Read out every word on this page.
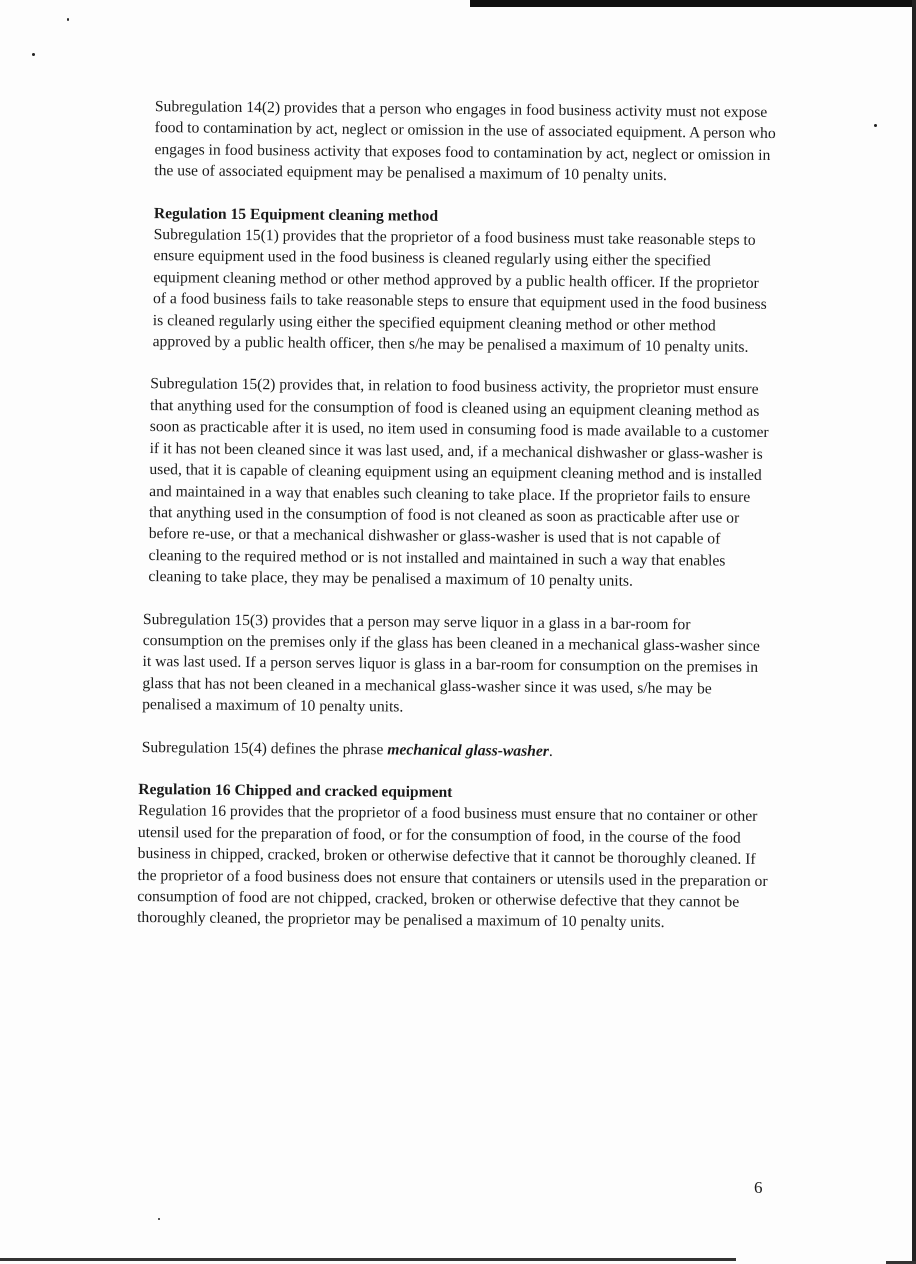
Subregulation 14(2) provides that a person who engages in food business activity must not expose food to contamination by act, neglect or omission in the use of associated equipment. A person who engages in food business activity that exposes food to contamination by act, neglect or omission in the use of associated equipment may be penalised a maximum of 10 penalty units.

Regulation 15 Equipment cleaning method

Subregulation 15(1) provides that the proprietor of a food business must take reasonable steps to ensure equipment used in the food business is cleaned regularly using either the specified equipment cleaning method or other method approved by a public health officer. If the proprietor of a food business fails to take reasonable steps to ensure that equipment used in the food business is cleaned regularly using either the specified equipment cleaning method or other method approved by a public health officer, then s/he may be penalised a maximum of 10 penalty units.

Subregulation 15(2) provides that, in relation to food business activity, the proprietor must ensure that anything used for the consumption of food is cleaned using an equipment cleaning method as soon as practicable after it is used, no item used in consuming food is made available to a customer if it has not been cleaned since it was last used, and, if a mechanical dishwasher or glass-washer is used, that it is capable of cleaning equipment using an equipment cleaning method and is installed and maintained in a way that enables such cleaning to take place. If the proprietor fails to ensure that anything used in the consumption of food is not cleaned as soon as practicable after use or before re-use, or that a mechanical dishwasher or glass-washer is used that is not capable of cleaning to the required method or is not installed and maintained in such a way that enables cleaning to take place, they may be penalised a maximum of 10 penalty units.

Subregulation 15(3) provides that a person may serve liquor in a glass in a bar-room for consumption on the premises only if the glass has been cleaned in a mechanical glass-washer since it was last used. If a person serves liquor is glass in a bar-room for consumption on the premises in glass that has not been cleaned in a mechanical glass-washer since it was used, s/he may be penalised a maximum of 10 penalty units.

Subregulation 15(4) defines the phrase mechanical glass-washer.

Regulation 16 Chipped and cracked equipment

Regulation 16 provides that the proprietor of a food business must ensure that no container or other utensil used for the preparation of food, or for the consumption of food, in the course of the food business in chipped, cracked, broken or otherwise defective that it cannot be thoroughly cleaned. If the proprietor of a food business does not ensure that containers or utensils used in the preparation or consumption of food are not chipped, cracked, broken or otherwise defective that they cannot be thoroughly cleaned, the proprietor may be penalised a maximum of 10 penalty units.

6
